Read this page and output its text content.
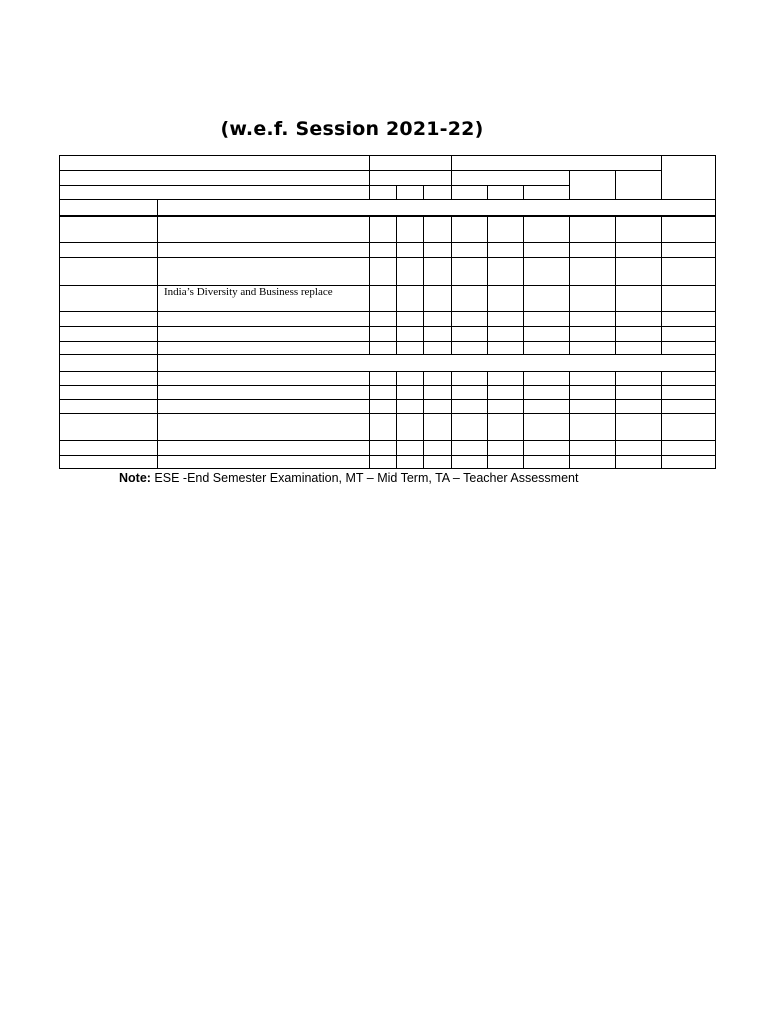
(w.e.f. Session 2021-22)
India’s Diversity and Business replace
Note: ESE -End Semester Examination, MT – Mid Term, TA – Teacher Assessment
